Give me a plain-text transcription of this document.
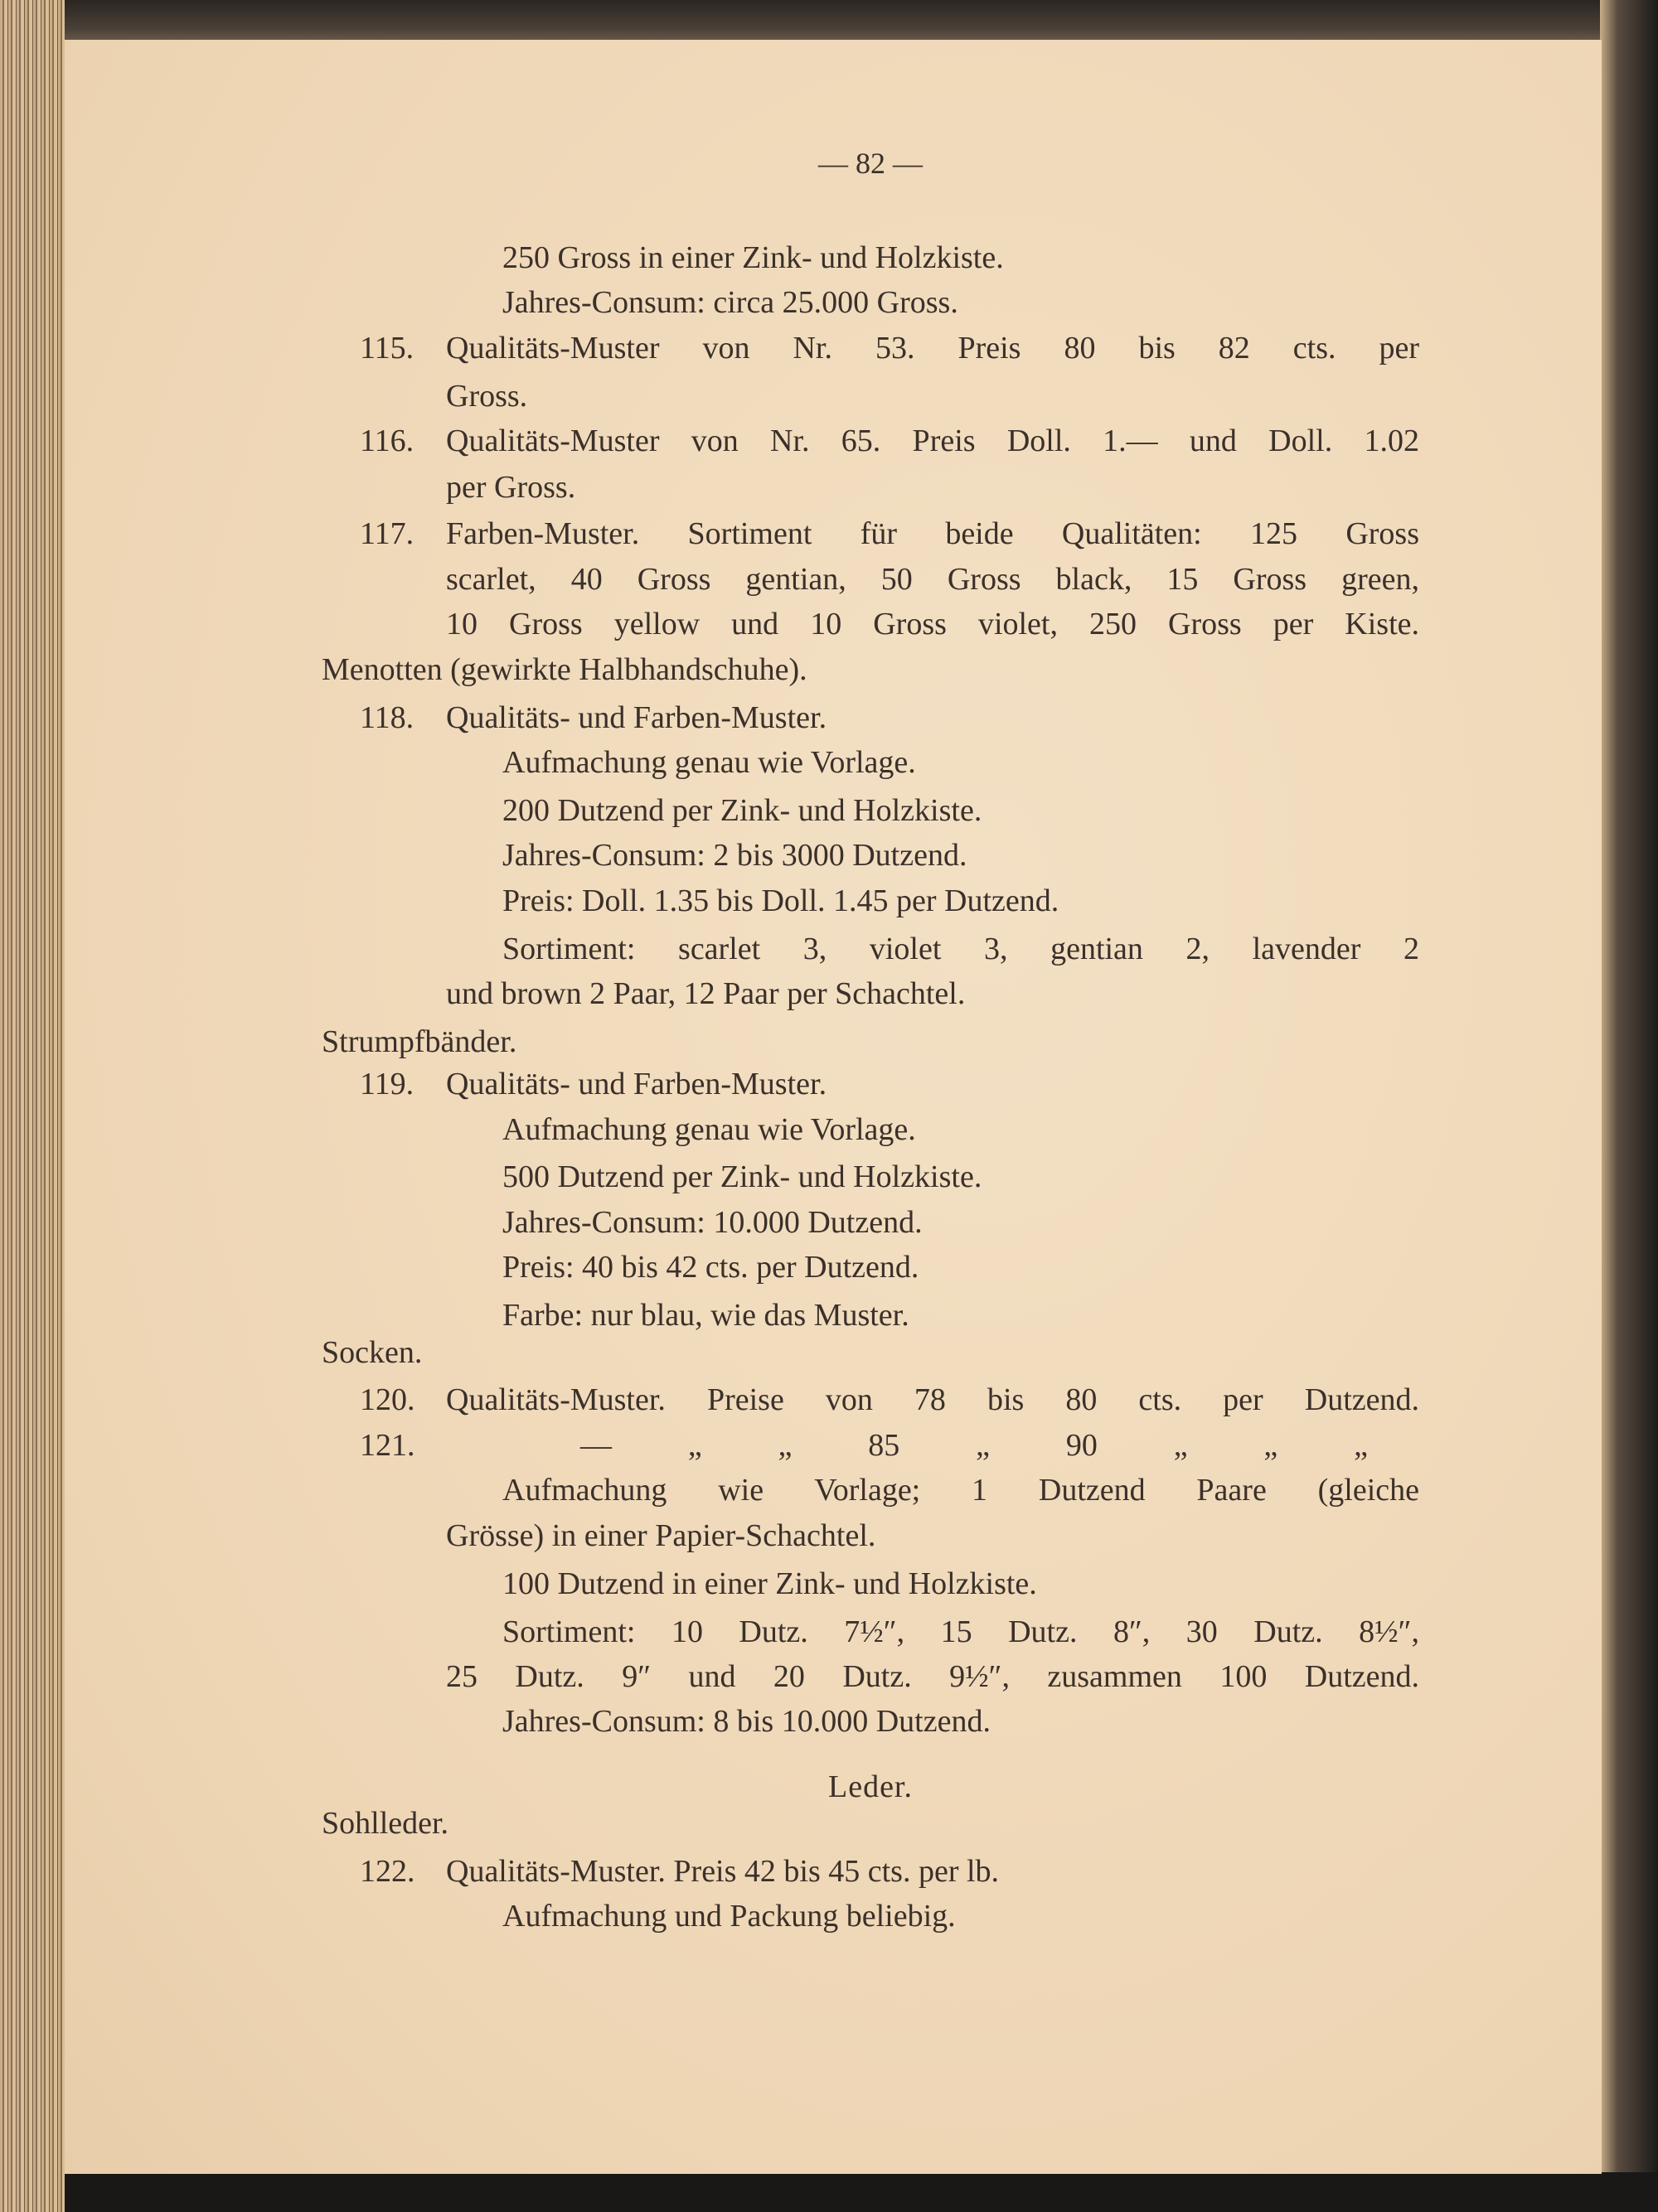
— 82 —
250 Gross in einer Zink- und Holzkiste.
Jahres-Consum: circa 25.000 Gross.
115. Qualitäts-Muster von Nr. 53. Preis 80 bis 82 cts. per
Gross.
116. Qualitäts-Muster von Nr. 65. Preis Doll. 1.— und Doll. 1.02
per Gross.
117. Farben-Muster. Sortiment für beide Qualitäten: 125 Gross
scarlet, 40 Gross gentian, 50 Gross black, 15 Gross green,
10 Gross yellow und 10 Gross violet, 250 Gross per Kiste.
Menotten (gewirkte Halbhandschuhe).
118. Qualitäts- und Farben-Muster.
Aufmachung genau wie Vorlage.
200 Dutzend per Zink- und Holzkiste.
Jahres-Consum: 2 bis 3000 Dutzend.
Preis: Doll. 1.35 bis Doll. 1.45 per Dutzend.
Sortiment: scarlet 3, violet 3, gentian 2, lavender 2
und brown 2 Paar, 12 Paar per Schachtel.
Strumpfbänder.
119. Qualitäts- und Farben-Muster.
Aufmachung genau wie Vorlage.
500 Dutzend per Zink- und Holzkiste.
Jahres-Consum: 10.000 Dutzend.
Preis: 40 bis 42 cts. per Dutzend.
Farbe: nur blau, wie das Muster.
Socken.
120. Qualitäts-Muster. Preise von 78 bis 80 cts. per Dutzend.
121.	— „ „ 85 „ 90 „ „ „
Aufmachung wie Vorlage; 1 Dutzend Paare (gleiche
Grösse) in einer Papier-Schachtel.
100 Dutzend in einer Zink- und Holzkiste.
Sortiment: 10 Dutz. 7½″, 15 Dutz. 8″, 30 Dutz. 8½″,
25 Dutz. 9″ und 20 Dutz. 9½″, zusammen 100 Dutzend.
Jahres-Consum: 8 bis 10.000 Dutzend.
Leder.
Sohlleder.
122. Qualitäts-Muster. Preis 42 bis 45 cts. per lb.
Aufmachung und Packung beliebig.
